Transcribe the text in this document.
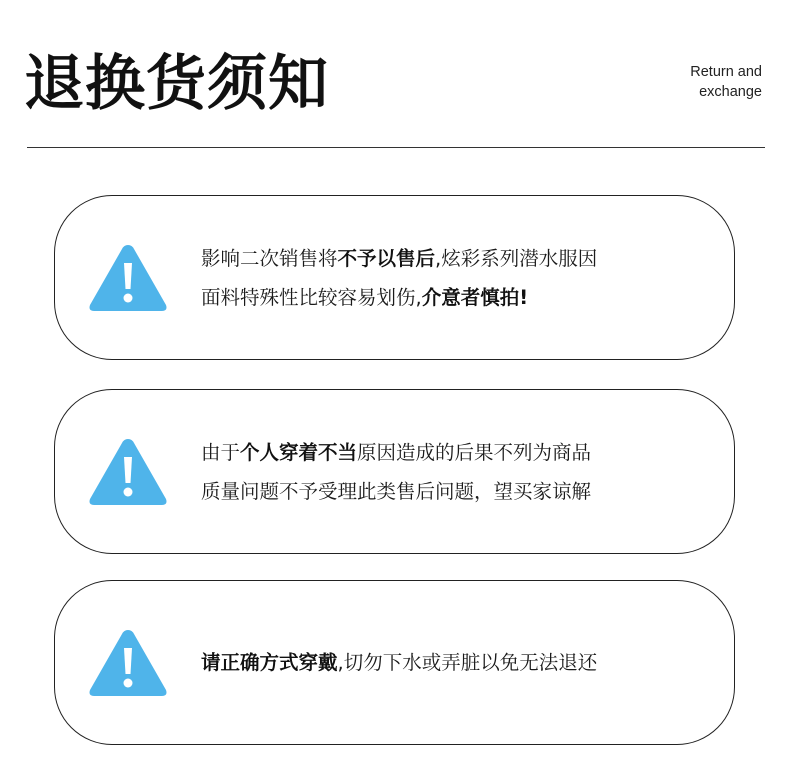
退换货须知	Return and
exchange
影响二次销售将不予以售后,炫彩系列潜水服因
面料特殊性比较容易划伤,介意者慎拍!
由于个人穿着不当原因造成的后果不列为商品
质量问题不予受理此类售后问题，望买家谅解
请正确方式穿戴,切勿下水或弄脏以免无法退还
